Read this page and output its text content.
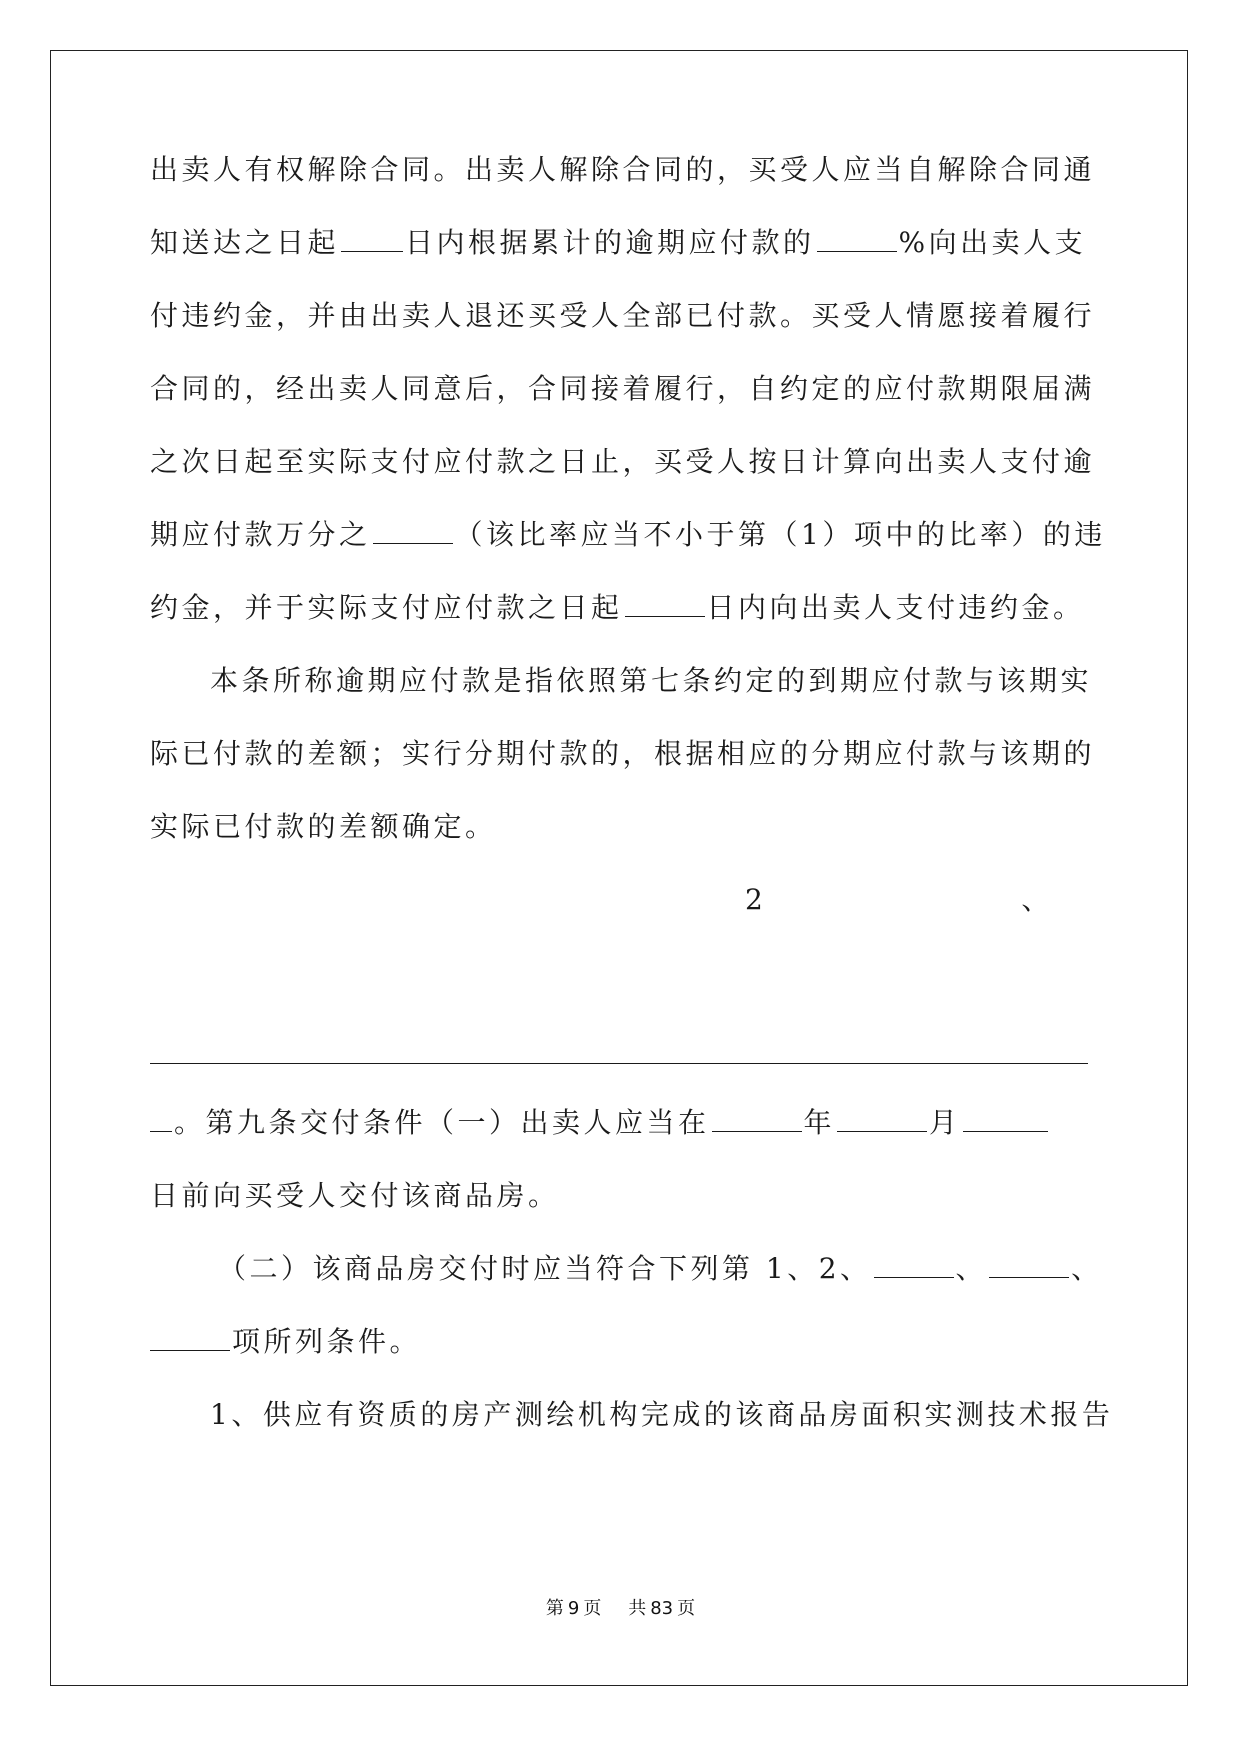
出卖人有权解除合同。出卖人解除合同的，买受人应当自解除合同通
知送达之日起 日内根据累计的逾期应付款的	%向出卖人支
付违约金，并由出卖人退还买受人全部已付款。买受人情愿接着履行
合同的，经出卖人同意后，合同接着履行，自约定的应付款期限届满
之次日起至实际支付应付款之日止，买受人按日计算向出卖人支付逾
期应付款万分之	（该比率应当不小于第（1）项中的比率）的违
约金，并于实际支付应付款之日起	日内向出卖人支付违约金。
本条所称逾期应付款是指依照第七条约定的到期应付款与该期实
际已付款的差额；实行分期付款的，根据相应的分期应付款与该期的
实际已付款的差额确定。
2	、
。第九条交付条件（一）出卖人应当在	年	月
日前向买受人交付该商品房。
（二）该商品房交付时应当符合下列第 1、2、	、	、
项所列条件。
1、供应有资质的房产测绘机构完成的该商品房面积实测技术报告
第 9 页 共 83 页
